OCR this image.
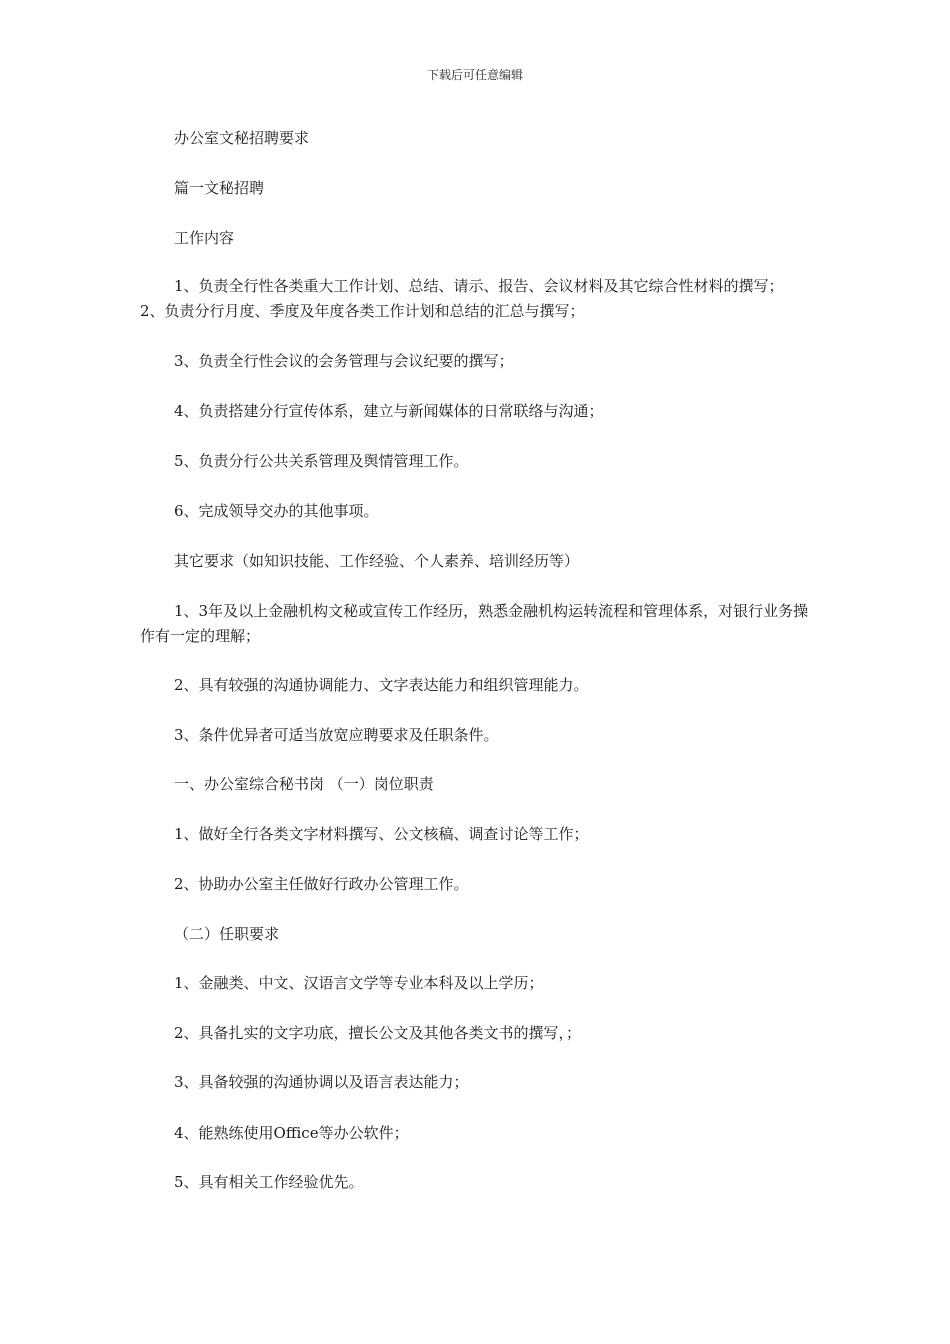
下载后可任意编辑
办公室文秘招聘要求
篇一文秘招聘
工作内容
1、负责全行性各类重大工作计划、总结、请示、报告、会议材料及其它综合性材料的撰写； 2、负责分行月度、季度及年度各类工作计划和总结的汇总与撰写；
3、负责全行性会议的会务管理与会议纪要的撰写；
4、负责搭建分行宣传体系，建立与新闻媒体的日常联络与沟通；
5、负责分行公共关系管理及舆情管理工作。
6、完成领导交办的其他事项。
其它要求（如知识技能、工作经验、个人素养、培训经历等）
1、3年及以上金融机构文秘或宣传工作经历，熟悉金融机构运转流程和管理体系，对银行业务操作有一定的理解；
2、具有较强的沟通协调能力、文字表达能力和组织管理能力。
3、条件优异者可适当放宽应聘要求及任职条件。
一、办公室综合秘书岗 （一）岗位职责
1、做好全行各类文字材料撰写、公文核稿、调查讨论等工作；
2、协助办公室主任做好行政办公管理工作。
（二）任职要求
1、金融类、中文、汉语言文学等专业本科及以上学历；
2、具备扎实的文字功底，擅长公文及其他各类文书的撰写，；
3、具备较强的沟通协调以及语言表达能力；
4、能熟练使用Office等办公软件；
5、具有相关工作经验优先。
